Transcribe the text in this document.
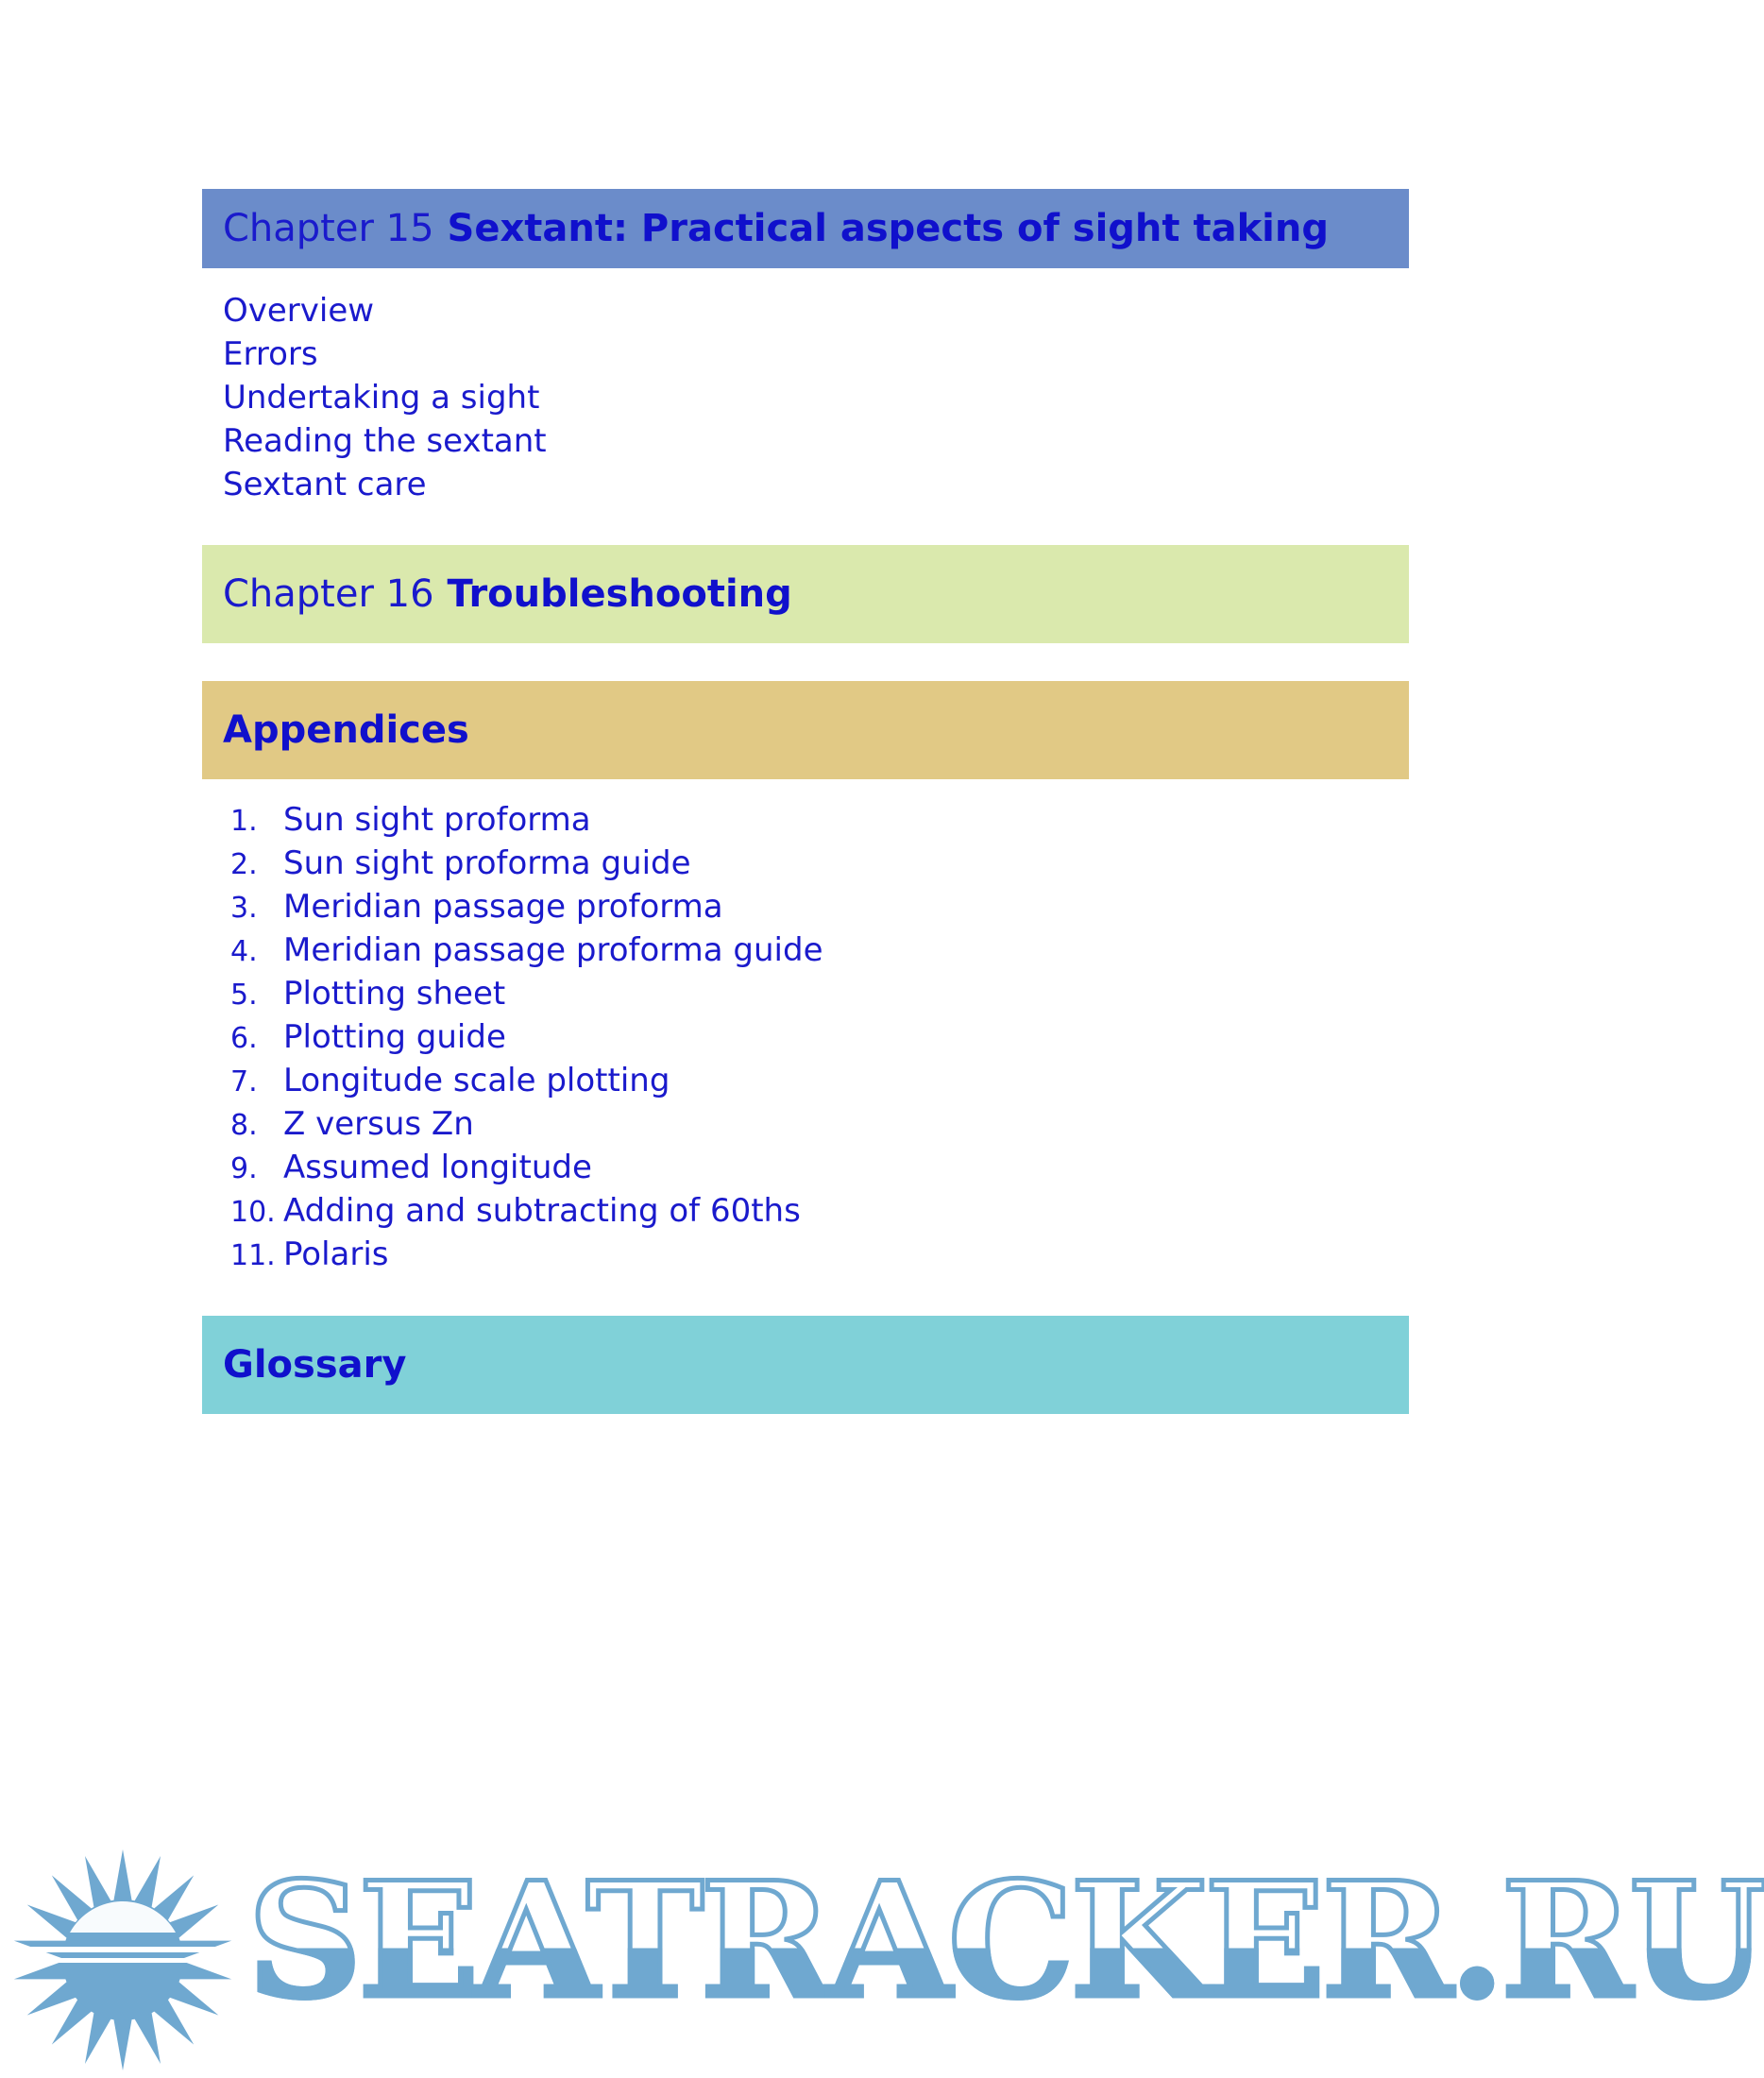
Chapter 15 Sextant: Practical aspects of sight taking
Overview
Errors
Undertaking a sight
Reading the sextant
Sextant care
Chapter 16 Troubleshooting
Appendices
1. Sun sight proforma
2. Sun sight proforma guide
3. Meridian passage proforma
4. Meridian passage proforma guide
5. Plotting sheet
6. Plotting guide
7. Longitude scale plotting
8. Z versus Zn
9. Assumed longitude
10. Adding and subtracting of 60ths
11. Polaris
Glossary
SEATRACKER.RU
